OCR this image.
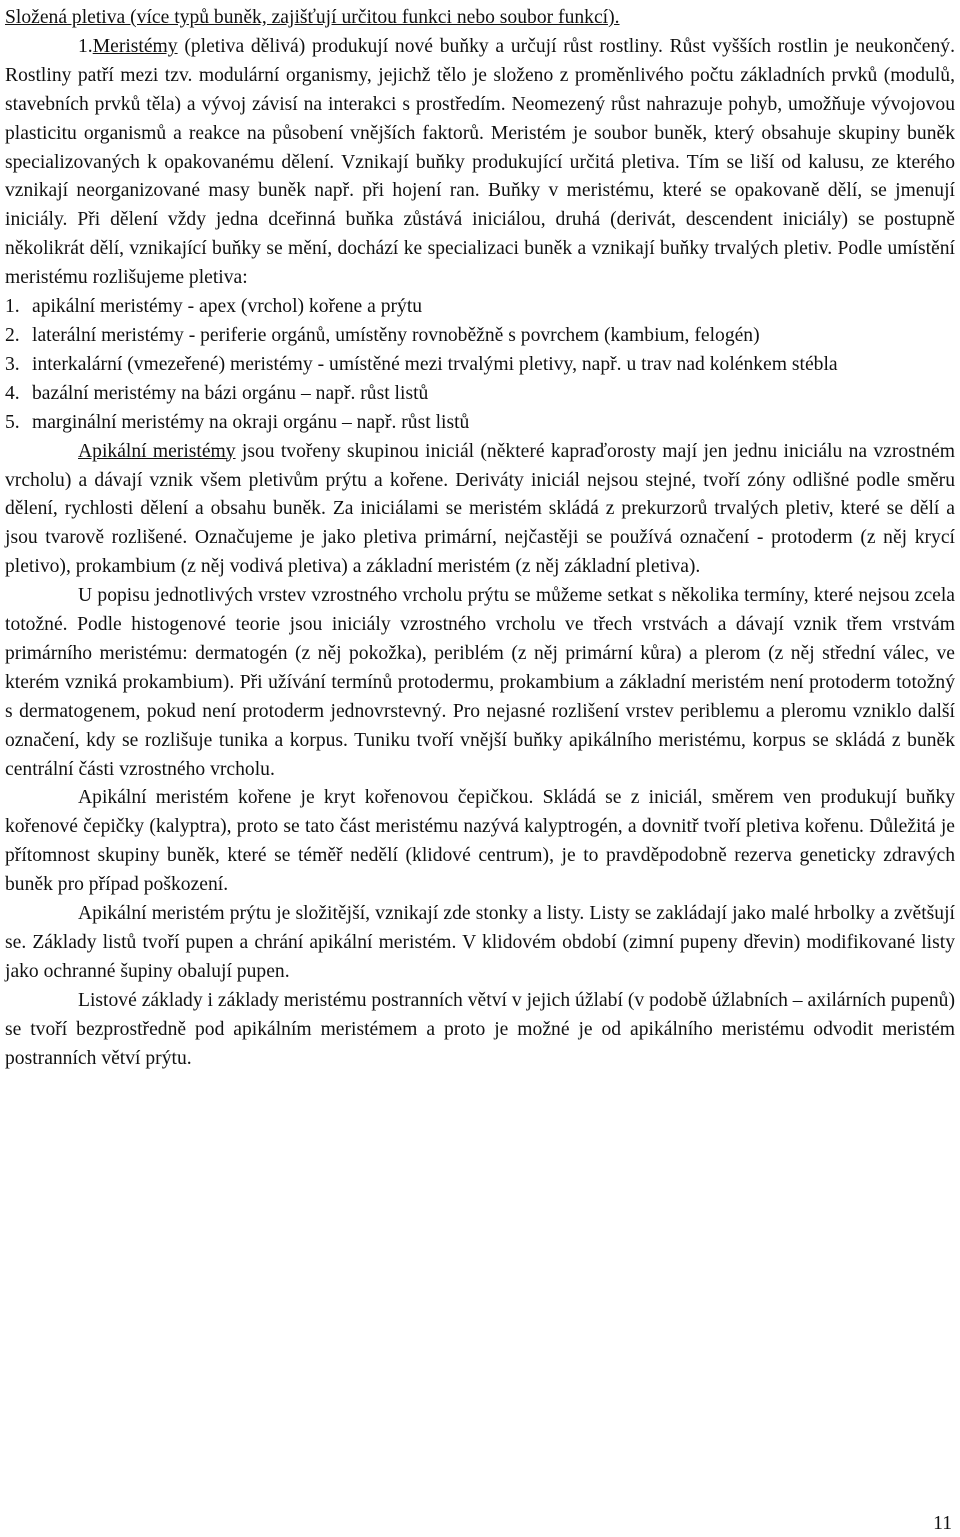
Složená pletiva (více typů buněk, zajišťují určitou funkci nebo soubor funkcí).

1.Meristémy (pletiva dělivá) produkují nové buňky a určují růst rostliny. Růst vyšších rostlin je neukončený. Rostliny patří mezi tzv. modulární organismy, jejichž tělo je složeno z proměnlivého počtu základních prvků (modulů, stavebních prvků těla) a vývoj závisí na interakci s prostředím. Neomezený růst nahrazuje pohyb, umožňuje vývojovou plasticitu organismů a reakce na působení vnějších faktorů. Meristém je soubor buněk, který obsahuje skupiny buněk specializovaných k opakovanému dělení. Vznikají buňky produkující určitá pletiva. Tím se liší od kalusu, ze kterého vznikají neorganizované masy buněk např. při hojení ran. Buňky v meristému, které se opakovaně dělí, se jmenují iniciály. Při dělení vždy jedna dceřinná buňka zůstává iniciálou, druhá (derivát, descendent iniciály) se postupně několikrát dělí, vznikající buňky se mění, dochází ke specializaci buněk a vznikají buňky trvalých pletiv. Podle umístění meristému rozlišujeme pletiva:

1. apikální meristémy - apex (vrchol) kořene a prýtu
2. laterální meristémy - periferie orgánů, umístěny rovnoběžně s povrchem (kambium, felogén)
3. interkalární (vmezeřené) meristémy - umístěné mezi trvalými pletivy, např. u trav nad kolénkem stébla
4. bazální meristémy na bázi orgánu – např. růst listů
5. marginální meristémy na okraji orgánu – např. růst listů

Apikální meristémy jsou tvořeny skupinou iniciál (některé kapraďorosty mají jen jednu iniciálu na vzrostném vrcholu) a dávají vznik všem pletivům prýtu a kořene. Deriváty iniciál nejsou stejné, tvoří zóny odlišné podle směru dělení, rychlosti dělení a obsahu buněk. Za iniciálami se meristém skládá z prekurzorů trvalých pletiv, které se dělí a jsou tvarově rozlišené. Označujeme je jako pletiva primární, nejčastěji se používá označení - protoderm (z něj krycí pletivo), prokambium (z něj vodivá pletiva) a základní meristém (z něj základní pletiva).

U popisu jednotlivých vrstev vzrostného vrcholu prýtu se můžeme setkat s několika termíny, které nejsou zcela totožné. Podle histogenové teorie jsou iniciály vzrostného vrcholu ve třech vrstvách a dávají vznik třem vrstvám primárního meristému: dermatogén (z něj pokožka), periblém (z něj primární kůra) a plerom (z něj střední válec, ve kterém vzniká prokambium). Při užívání termínů protodermu, prokambium a základní meristém není protoderm totožný s dermatogenem, pokud není protoderm jednovrstevný. Pro nejasné rozlišení vrstev periblemu a pleromu vzniklo další označení, kdy se rozlišuje tunika a korpus. Tuniku tvoří vnější buňky apikálního meristému, korpus se skládá z buněk centrální části vzrostného vrcholu.

Apikální meristém kořene je kryt kořenovou čepičkou. Skládá se z iniciál, směrem ven produkují buňky kořenové čepičky (kalyptra), proto se tato část meristému nazývá kalyptrogén, a dovnitř tvoří pletiva kořenu. Důležitá je přítomnost skupiny buněk, které se téměř nedělí (klidové centrum), je to pravděpodobně rezerva geneticky zdravých buněk pro případ poškození.

Apikální meristém prýtu je složitější, vznikají zde stonky a listy. Listy se zakládají jako malé hrbolky a zvětšují se. Základy listů tvoří pupen a chrání apikální meristém. V klidovém období (zimní pupeny dřevin) modifikované listy jako ochranné šupiny obalují pupen.

Listové základy i základy meristému postranních větví v jejich úžlabí (v podobě úžlabních – axilárních pupenů) se tvoří bezprostředně pod apikálním meristémem a proto je možné je od apikálního meristému odvodit meristém postranních větví prýtu.

11
